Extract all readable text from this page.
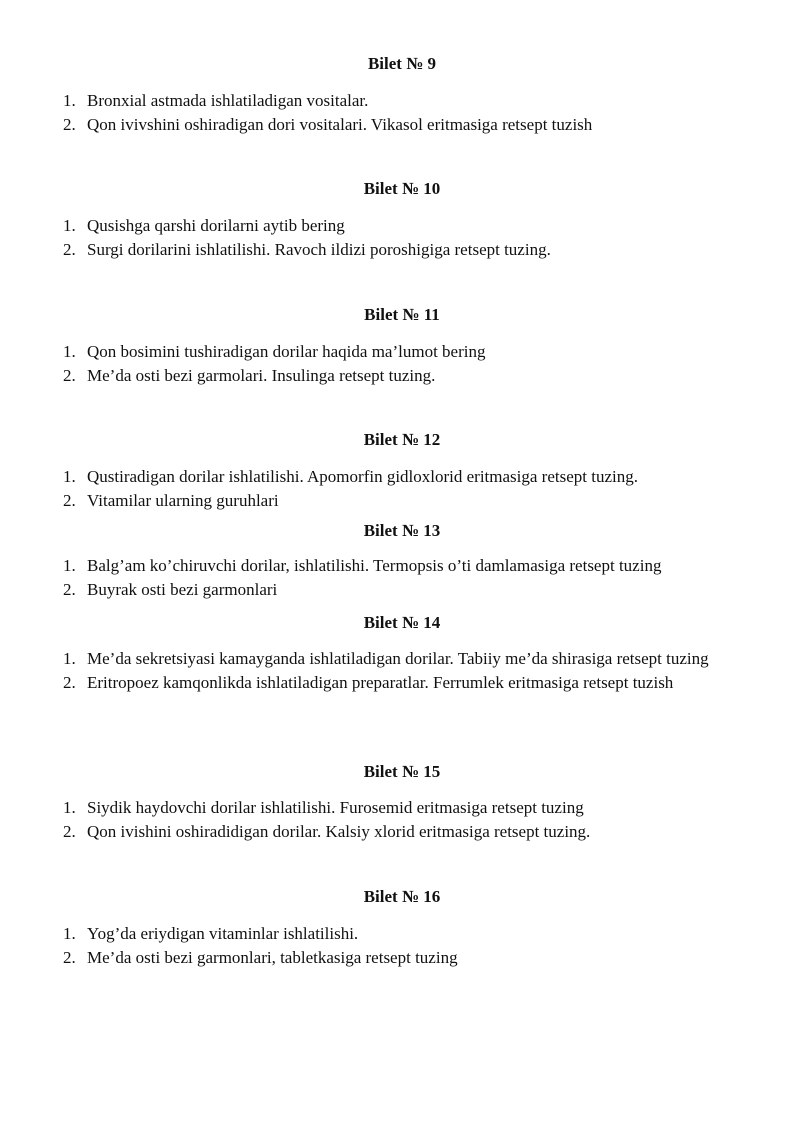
Bilet № 9
1. Bronxial astmada ishlatiladigan vositalar.
2. Qon ivivshini oshiradigan dori vositalari. Vikasol eritmasiga retsept tuzish
Bilet № 10
1. Qusishga qarshi dorilarni aytib bering
2. Surgi dorilarini ishlatilishi. Ravoch ildizi poroshigiga retsept tuzing.
Bilet № 11
1. Qon bosimini tushiradigan dorilar haqida ma’lumot bering
2. Me’da osti bezi garmolari. Insulinga retsept tuzing.
Bilet № 12
1. Qustiradigan dorilar ishlatilishi. Apomorfin gidloxlorid eritmasiga retsept tuzing.
2. Vitamilar ularning guruhlari
Bilet № 13
1. Balg’am ko’chiruvchi dorilar, ishlatilishi. Termopsis o’ti damlamasiga retsept tuzing
2. Buyrak osti bezi garmonlari
Bilet № 14
1. Me’da sekretsiyasi kamayganda ishlatiladigan dorilar. Tabiiy me’da shirasiga retsept tuzing
2. Eritropoez kamqonlikda ishlatiladigan preparatlar. Ferrumlek eritmasiga retsept tuzish
Bilet № 15
1. Siydik haydovchi dorilar ishlatilishi. Furosemid eritmasiga retsept tuzing
2. Qon ivishini oshiradidigan dorilar. Kalsiy xlorid eritmasiga retsept tuzing.
Bilet № 16
1. Yog’da eriydigan vitaminlar ishlatilishi.
2. Me’da osti bezi garmonlari, tabletkasiga retsept tuzing
